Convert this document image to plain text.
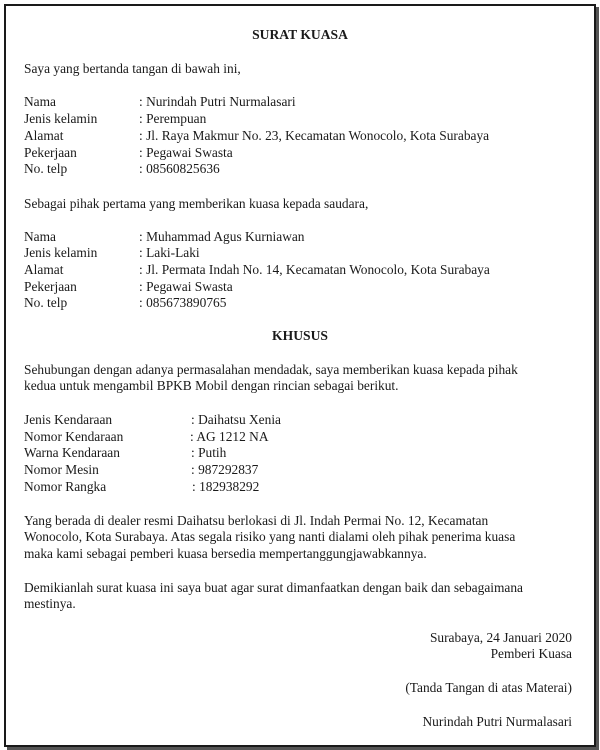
SURAT KUASA
Saya yang bertanda tangan di bawah ini,
Nama	: Nurindah Putri Nurmalasari
Jenis kelamin	: Perempuan
Alamat	: Jl. Raya Makmur No. 23, Kecamatan Wonocolo, Kota Surabaya
Pekerjaan	: Pegawai Swasta
No. telp	: 08560825636
Sebagai pihak pertama yang memberikan kuasa kepada saudara,
Nama	: Muhammad Agus Kurniawan
Jenis kelamin	: Laki-Laki
Alamat	: Jl. Permata Indah No. 14, Kecamatan Wonocolo, Kota Surabaya
Pekerjaan	: Pegawai Swasta
No. telp	: 085673890765
KHUSUS
Sehubungan dengan adanya permasalahan mendadak, saya memberikan kuasa kepada pihak
kedua untuk mengambil BPKB Mobil dengan rincian sebagai berikut.
Jenis Kendaraan	: Daihatsu Xenia
Nomor Kendaraan	: AG 1212 NA
Warna Kendaraan	: Putih
Nomor Mesin	: 987292837
Nomor Rangka	: 182938292
Yang berada di dealer resmi Daihatsu berlokasi di Jl. Indah Permai No. 12, Kecamatan
Wonocolo, Kota Surabaya. Atas segala risiko yang nanti dialami oleh pihak penerima kuasa
maka kami sebagai pemberi kuasa bersedia mempertanggungjawabkannya.
Demikianlah surat kuasa ini saya buat agar surat dimanfaatkan dengan baik dan sebagaimana
mestinya.
Surabaya, 24 Januari 2020
Pemberi Kuasa
(Tanda Tangan di atas Materai)
Nurindah Putri Nurmalasari
